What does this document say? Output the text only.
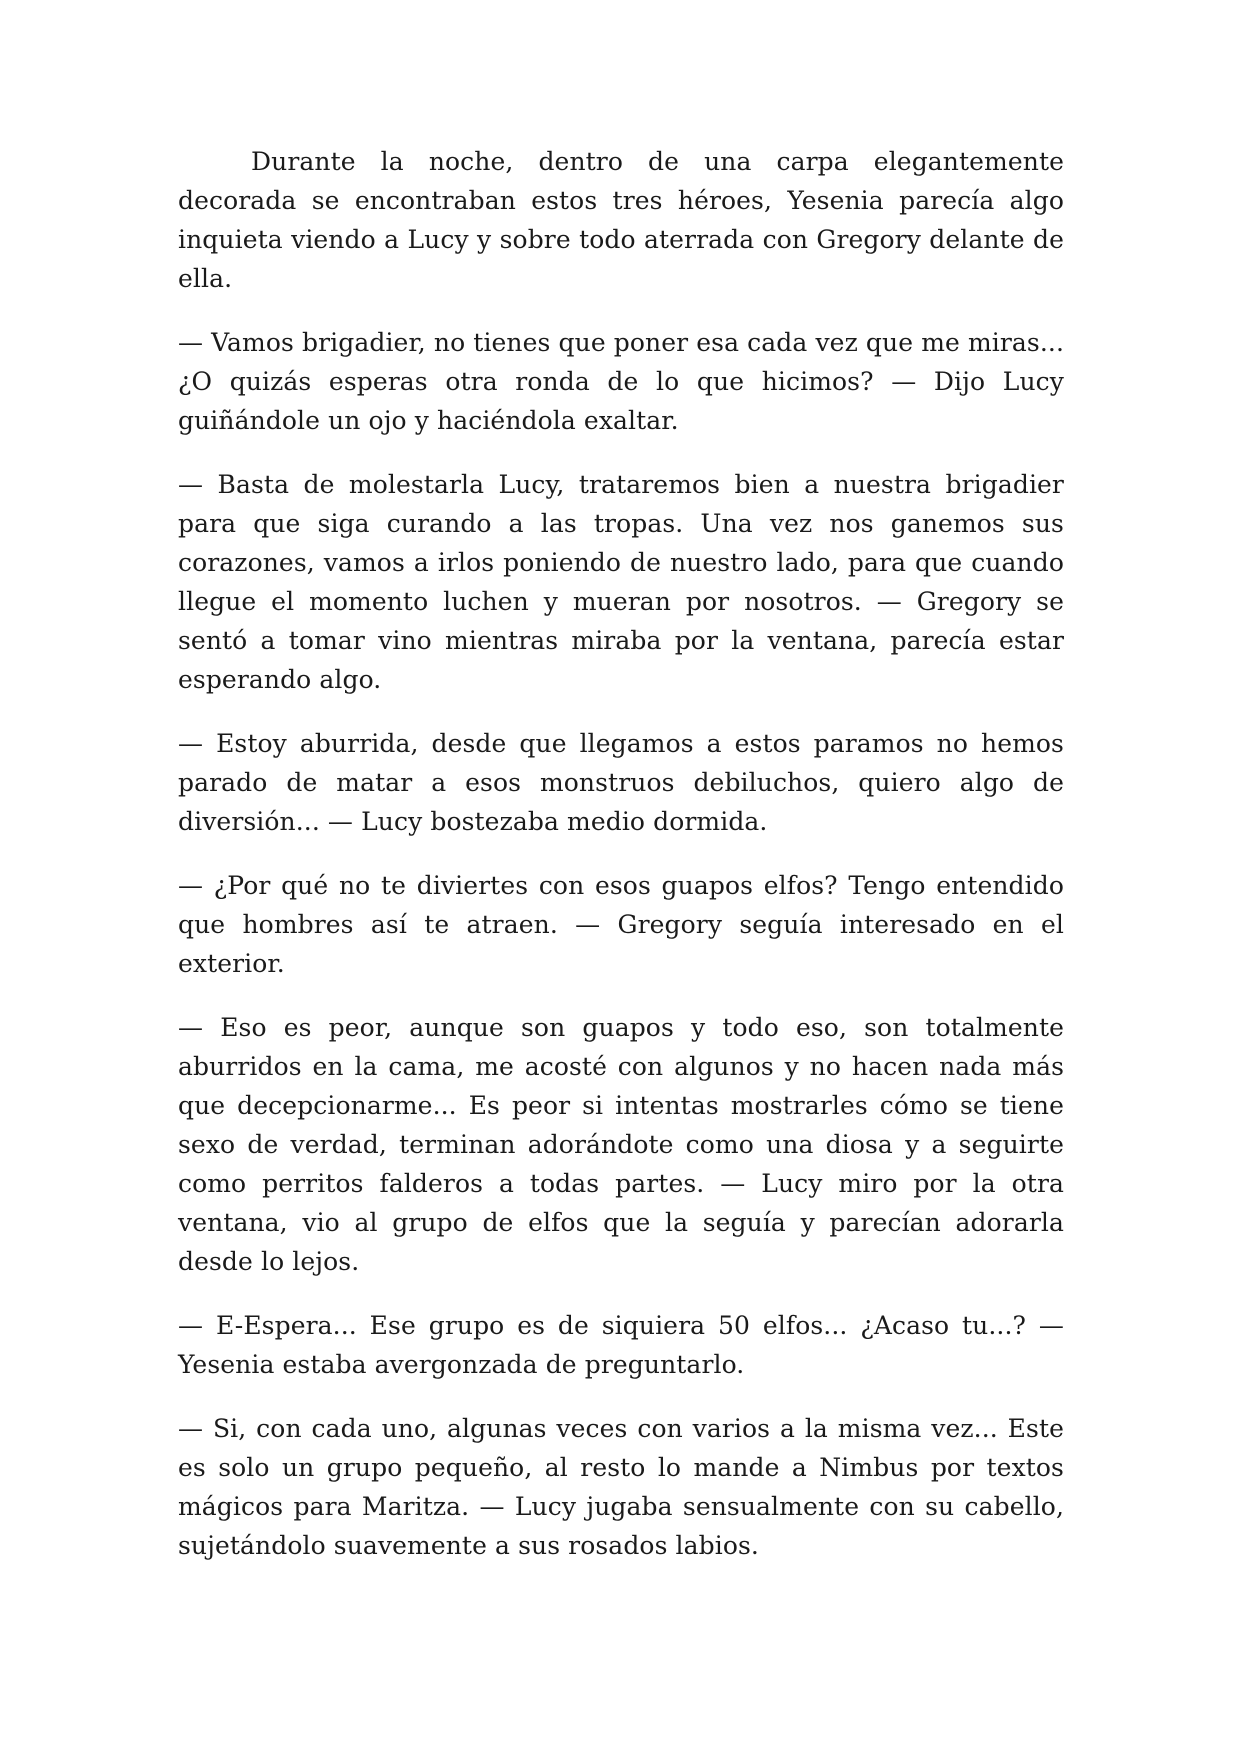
Durante la noche, dentro de una carpa elegantemente decorada se encontraban estos tres héroes, Yesenia parecía algo inquieta viendo a Lucy y sobre todo aterrada con Gregory delante de ella.

— Vamos brigadier, no tienes que poner esa cada vez que me miras... ¿O quizás esperas otra ronda de lo que hicimos? — Dijo Lucy guiñándole un ojo y haciéndola exaltar.

— Basta de molestarla Lucy, trataremos bien a nuestra brigadier para que siga curando a las tropas. Una vez nos ganemos sus corazones, vamos a irlos poniendo de nuestro lado, para que cuando llegue el momento luchen y mueran por nosotros. — Gregory se sentó a tomar vino mientras miraba por la ventana, parecía estar esperando algo.

— Estoy aburrida, desde que llegamos a estos paramos no hemos parado de matar a esos monstruos debiluchos, quiero algo de diversión... — Lucy bostezaba medio dormida.

— ¿Por qué no te diviertes con esos guapos elfos? Tengo entendido que hombres así te atraen. — Gregory seguía interesado en el exterior.

— Eso es peor, aunque son guapos y todo eso, son totalmente aburridos en la cama, me acosté con algunos y no hacen nada más que decepcionarme... Es peor si intentas mostrarles cómo se tiene sexo de verdad, terminan adorándote como una diosa y a seguirte como perritos falderos a todas partes. — Lucy miro por la otra ventana, vio al grupo de elfos que la seguía y parecían adorarla desde lo lejos.

— E-Espera... Ese grupo es de siquiera 50 elfos... ¿Acaso tu...? — Yesenia estaba avergonzada de preguntarlo.

— Si, con cada uno, algunas veces con varios a la misma vez... Este es solo un grupo pequeño, al resto lo mande a Nimbus por textos mágicos para Maritza. — Lucy jugaba sensualmente con su cabello, sujetándolo suavemente a sus rosados labios.
